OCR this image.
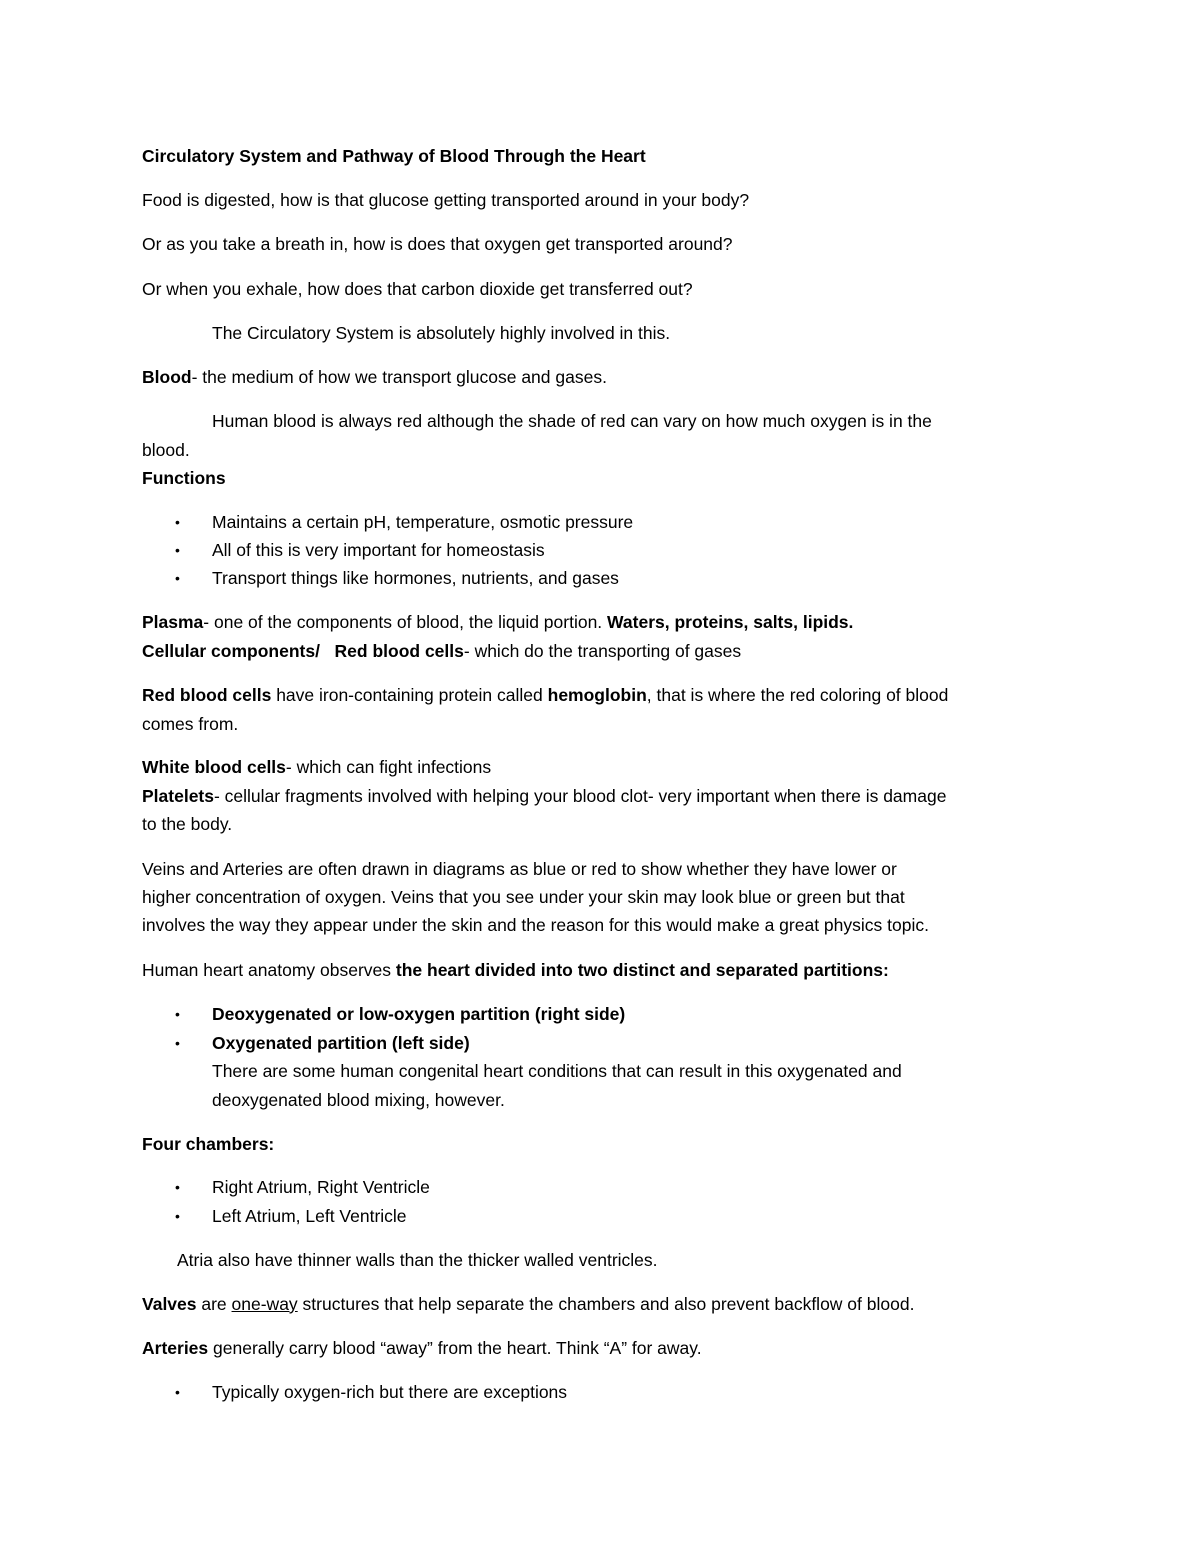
Circulatory System and Pathway of Blood Through the Heart
Food is digested, how is that glucose getting transported around in your body?
Or as you take a breath in, how is does that oxygen get transported around?
Or when you exhale, how does that carbon dioxide get transferred out?
The Circulatory System is absolutely highly involved in this.
Blood- the medium of how we transport glucose and gases.
Human blood is always red although the shade of red can vary on how much oxygen is in the
blood.
Functions
• Maintains a certain pH, temperature, osmotic pressure
• All of this is very important for homeostasis
• Transport things like hormones, nutrients, and gases
Plasma- one of the components of blood, the liquid portion. Waters, proteins, salts, lipids.
Cellular components/ Red blood cells- which do the transporting of gases
Red blood cells have iron-containing protein called hemoglobin, that is where the red coloring of blood
comes from.
White blood cells- which can fight infections
Platelets- cellular fragments involved with helping your blood clot- very important when there is damage
to the body.
Veins and Arteries are often drawn in diagrams as blue or red to show whether they have lower or
higher concentration of oxygen. Veins that you see under your skin may look blue or green but that
involves the way they appear under the skin and the reason for this would make a great physics topic.
Human heart anatomy observes the heart divided into two distinct and separated partitions:
• Deoxygenated or low-oxygen partition (right side)
• Oxygenated partition (left side)
There are some human congenital heart conditions that can result in this oxygenated and
deoxygenated blood mixing, however.
Four chambers:
• Right Atrium, Right Ventricle
• Left Atrium, Left Ventricle
Atria also have thinner walls than the thicker walled ventricles.
Valves are one-way structures that help separate the chambers and also prevent backflow of blood.
Arteries generally carry blood “away” from the heart. Think “A” for away.
• Typically oxygen-rich but there are exceptions
